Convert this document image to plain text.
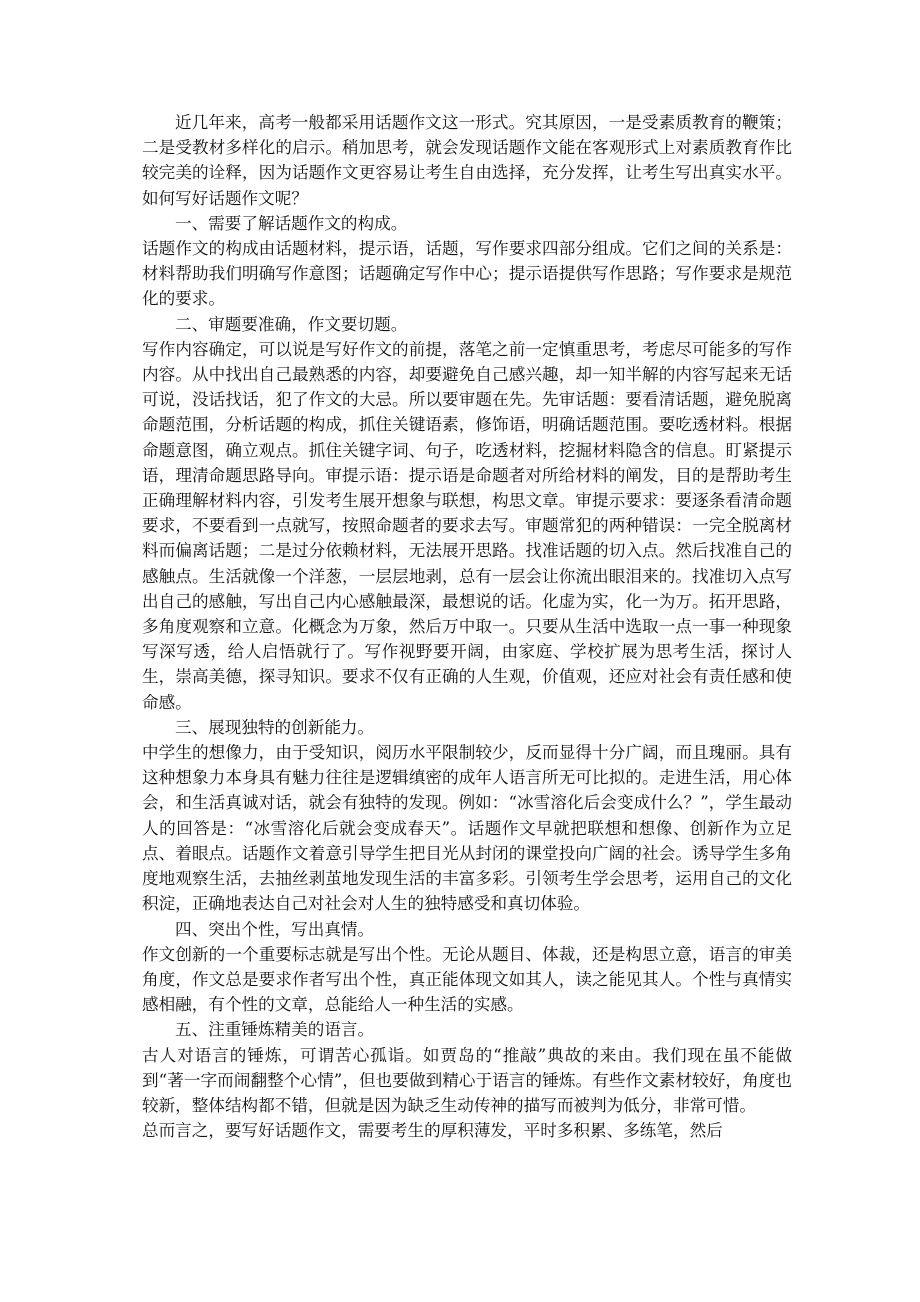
近几年来，高考一般都采用话题作文这一形式。究其原因，一是受素质教育的鞭策；二是受教材多样化的启示。稍加思考，就会发现话题作文能在客观形式上对素质教育作比较完美的诠释，因为话题作文更容易让考生自由选择，充分发挥，让考生写出真实水平。如何写好话题作文呢？

一、需要了解话题作文的构成。

话题作文的构成由话题材料，提示语，话题，写作要求四部分组成。它们之间的关系是：材料帮助我们明确写作意图；话题确定写作中心；提示语提供写作思路；写作要求是规范化的要求。

二、审题要准确，作文要切题。

写作内容确定，可以说是写好作文的前提，落笔之前一定慎重思考，考虑尽可能多的写作内容。从中找出自己最熟悉的内容，却要避免自己感兴趣，却一知半解的内容写起来无话可说，没话找话，犯了作文的大忌。所以要审题在先。先审话题：要看清话题，避免脱离命题范围，分析话题的构成，抓住关键语素，修饰语，明确话题范围。要吃透材料。根据命题意图，确立观点。抓住关键字词、句子，吃透材料，挖掘材料隐含的信息。盯紧提示语，理清命题思路导向。审提示语：提示语是命题者对所给材料的阐发，目的是帮助考生正确理解材料内容，引发考生展开想象与联想，构思文章。审提示要求：要逐条看清命题要求，不要看到一点就写，按照命题者的要求去写。审题常犯的两种错误：一完全脱离材料而偏离话题；二是过分依赖材料，无法展开思路。找准话题的切入点。然后找准自己的感触点。生活就像一个洋葱，一层层地剥，总有一层会让你流出眼泪来的。找准切入点写出自己的感触，写出自己内心感触最深，最想说的话。化虚为实，化一为万。拓开思路，多角度观察和立意。化概念为万象，然后万中取一。只要从生活中选取一点一事一种现象写深写透，给人启悟就行了。写作视野要开阔，由家庭、学校扩展为思考生活，探讨人生，崇高美德，探寻知识。要求不仅有正确的人生观，价值观，还应对社会有责任感和使命感。

三、展现独特的创新能力。

中学生的想像力，由于受知识，阅历水平限制较少，反而显得十分广阔，而且瑰丽。具有这种想象力本身具有魅力往往是逻辑缜密的成年人语言所无可比拟的。走进生活，用心体会，和生活真诚对话，就会有独特的发现。例如：“冰雪溶化后会变成什么？”，学生最动人的回答是：“冰雪溶化后就会变成春天”。话题作文早就把联想和想像、创新作为立足点、着眼点。话题作文着意引导学生把目光从封闭的课堂投向广阔的社会。诱导学生多角度地观察生活，去抽丝剥茧地发现生活的丰富多彩。引领考生学会思考，运用自己的文化积淀，正确地表达自己对社会对人生的独特感受和真切体验。

四、突出个性，写出真情。

作文创新的一个重要标志就是写出个性。无论从题目、体裁，还是构思立意，语言的审美角度，作文总是要求作者写出个性，真正能体现文如其人，读之能见其人。个性与真情实感相融，有个性的文章，总能给人一种生活的实感。

五、注重锤炼精美的语言。

古人对语言的锤炼，可谓苦心孤诣。如贾岛的“推敲”典故的来由。我们现在虽不能做到“著一字而闹翻整个心情”，但也要做到精心于语言的锤炼。有些作文素材较好，角度也较新，整体结构都不错，但就是因为缺乏生动传神的描写而被判为低分，非常可惜。

总而言之，要写好话题作文，需要考生的厚积薄发，平时多积累、多练笔，然后
